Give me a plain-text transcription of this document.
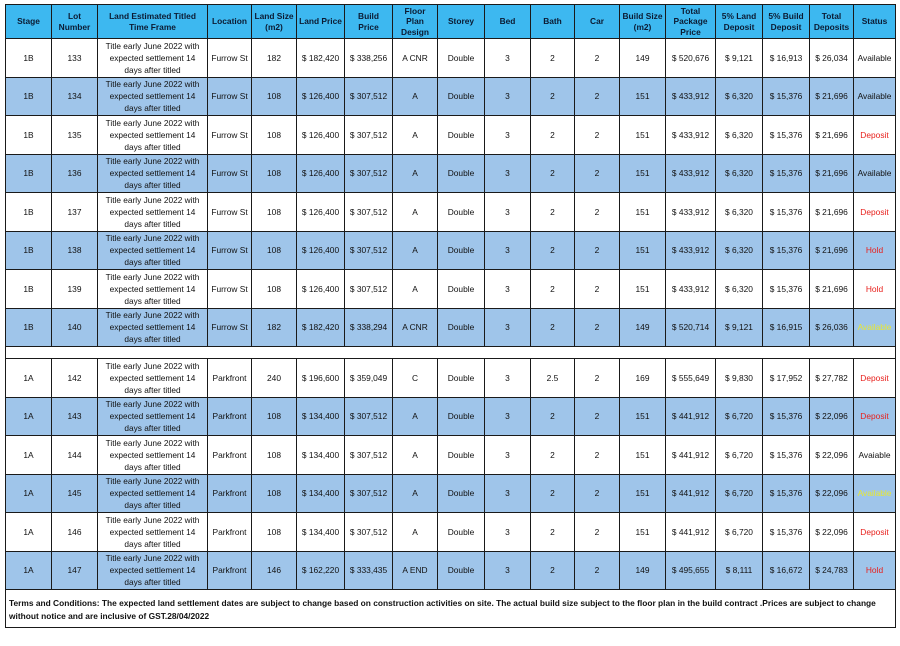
Stage	Lot Number	Land Estimated Titled Time Frame	Location	Land Size (m2)	Land Price	Build Price	Floor Plan Design	Storey	Bed	Bath	Car	Build Size (m2)	Total Package Price	5% Land Deposit	5% Build Deposit	Total Deposits	Status
1B	133	Title early June 2022 with expected settlement 14 days after titled	Furrow St	182	$ 182,420	$ 338,256	A CNR	Double	3	2	2	149	$ 520,676	$ 9,121	$ 16,913	$ 26,034	Available
1B	134	Title early June 2022 with expected settlement 14 days after titled	Furrow St	108	$ 126,400	$ 307,512	A	Double	3	2	2	151	$ 433,912	$ 6,320	$ 15,376	$ 21,696	Available
1B	135	Title early June 2022 with expected settlement 14 days after titled	Furrow St	108	$ 126,400	$ 307,512	A	Double	3	2	2	151	$ 433,912	$ 6,320	$ 15,376	$ 21,696	Deposit
1B	136	Title early June 2022 with expected settlement 14 days after titled	Furrow St	108	$ 126,400	$ 307,512	A	Double	3	2	2	151	$ 433,912	$ 6,320	$ 15,376	$ 21,696	Available
1B	137	Title early June 2022 with expected settlement 14 days after titled	Furrow St	108	$ 126,400	$ 307,512	A	Double	3	2	2	151	$ 433,912	$ 6,320	$ 15,376	$ 21,696	Deposit
1B	138	Title early June 2022 with expected settlement 14 days after titled	Furrow St	108	$ 126,400	$ 307,512	A	Double	3	2	2	151	$ 433,912	$ 6,320	$ 15,376	$ 21,696	Hold
1B	139	Title early June 2022 with expected settlement 14 days after titled	Furrow St	108	$ 126,400	$ 307,512	A	Double	3	2	2	151	$ 433,912	$ 6,320	$ 15,376	$ 21,696	Hold
1B	140	Title early June 2022 with expected settlement 14 days after titled	Furrow St	182	$ 182,420	$ 338,294	A CNR	Double	3	2	2	149	$ 520,714	$ 9,121	$ 16,915	$ 26,036	Available

1A	142	Title early June 2022 with expected settlement 14 days after titled	Parkfront	240	$ 196,600	$ 359,049	C	Double	3	2.5	2	169	$ 555,649	$ 9,830	$ 17,952	$ 27,782	Deposit
1A	143	Title early June 2022 with expected settlement 14 days after titled	Parkfront	108	$ 134,400	$ 307,512	A	Double	3	2	2	151	$ 441,912	$ 6,720	$ 15,376	$ 22,096	Deposit
1A	144	Title early June 2022 with expected settlement 14 days after titled	Parkfront	108	$ 134,400	$ 307,512	A	Double	3	2	2	151	$ 441,912	$ 6,720	$ 15,376	$ 22,096	Avaiable
1A	145	Title early June 2022 with expected settlement 14 days after titled	Parkfront	108	$ 134,400	$ 307,512	A	Double	3	2	2	151	$ 441,912	$ 6,720	$ 15,376	$ 22,096	Available
1A	146	Title early June 2022 with expected settlement 14 days after titled	Parkfront	108	$ 134,400	$ 307,512	A	Double	3	2	2	151	$ 441,912	$ 6,720	$ 15,376	$ 22,096	Deposit
1A	147	Title early June 2022 with expected settlement 14 days after titled	Parkfront	146	$ 162,220	$ 333,435	A END	Double	3	2	2	149	$ 495,655	$ 8,111	$ 16,672	$ 24,783	Hold
Terms and Conditions: The expected land settlement dates are subject to change based on construction activities on site. The actual build size subject to the floor plan in the build contract .Prices are subject to change without notice and are inclusive of GST.28/04/2022
